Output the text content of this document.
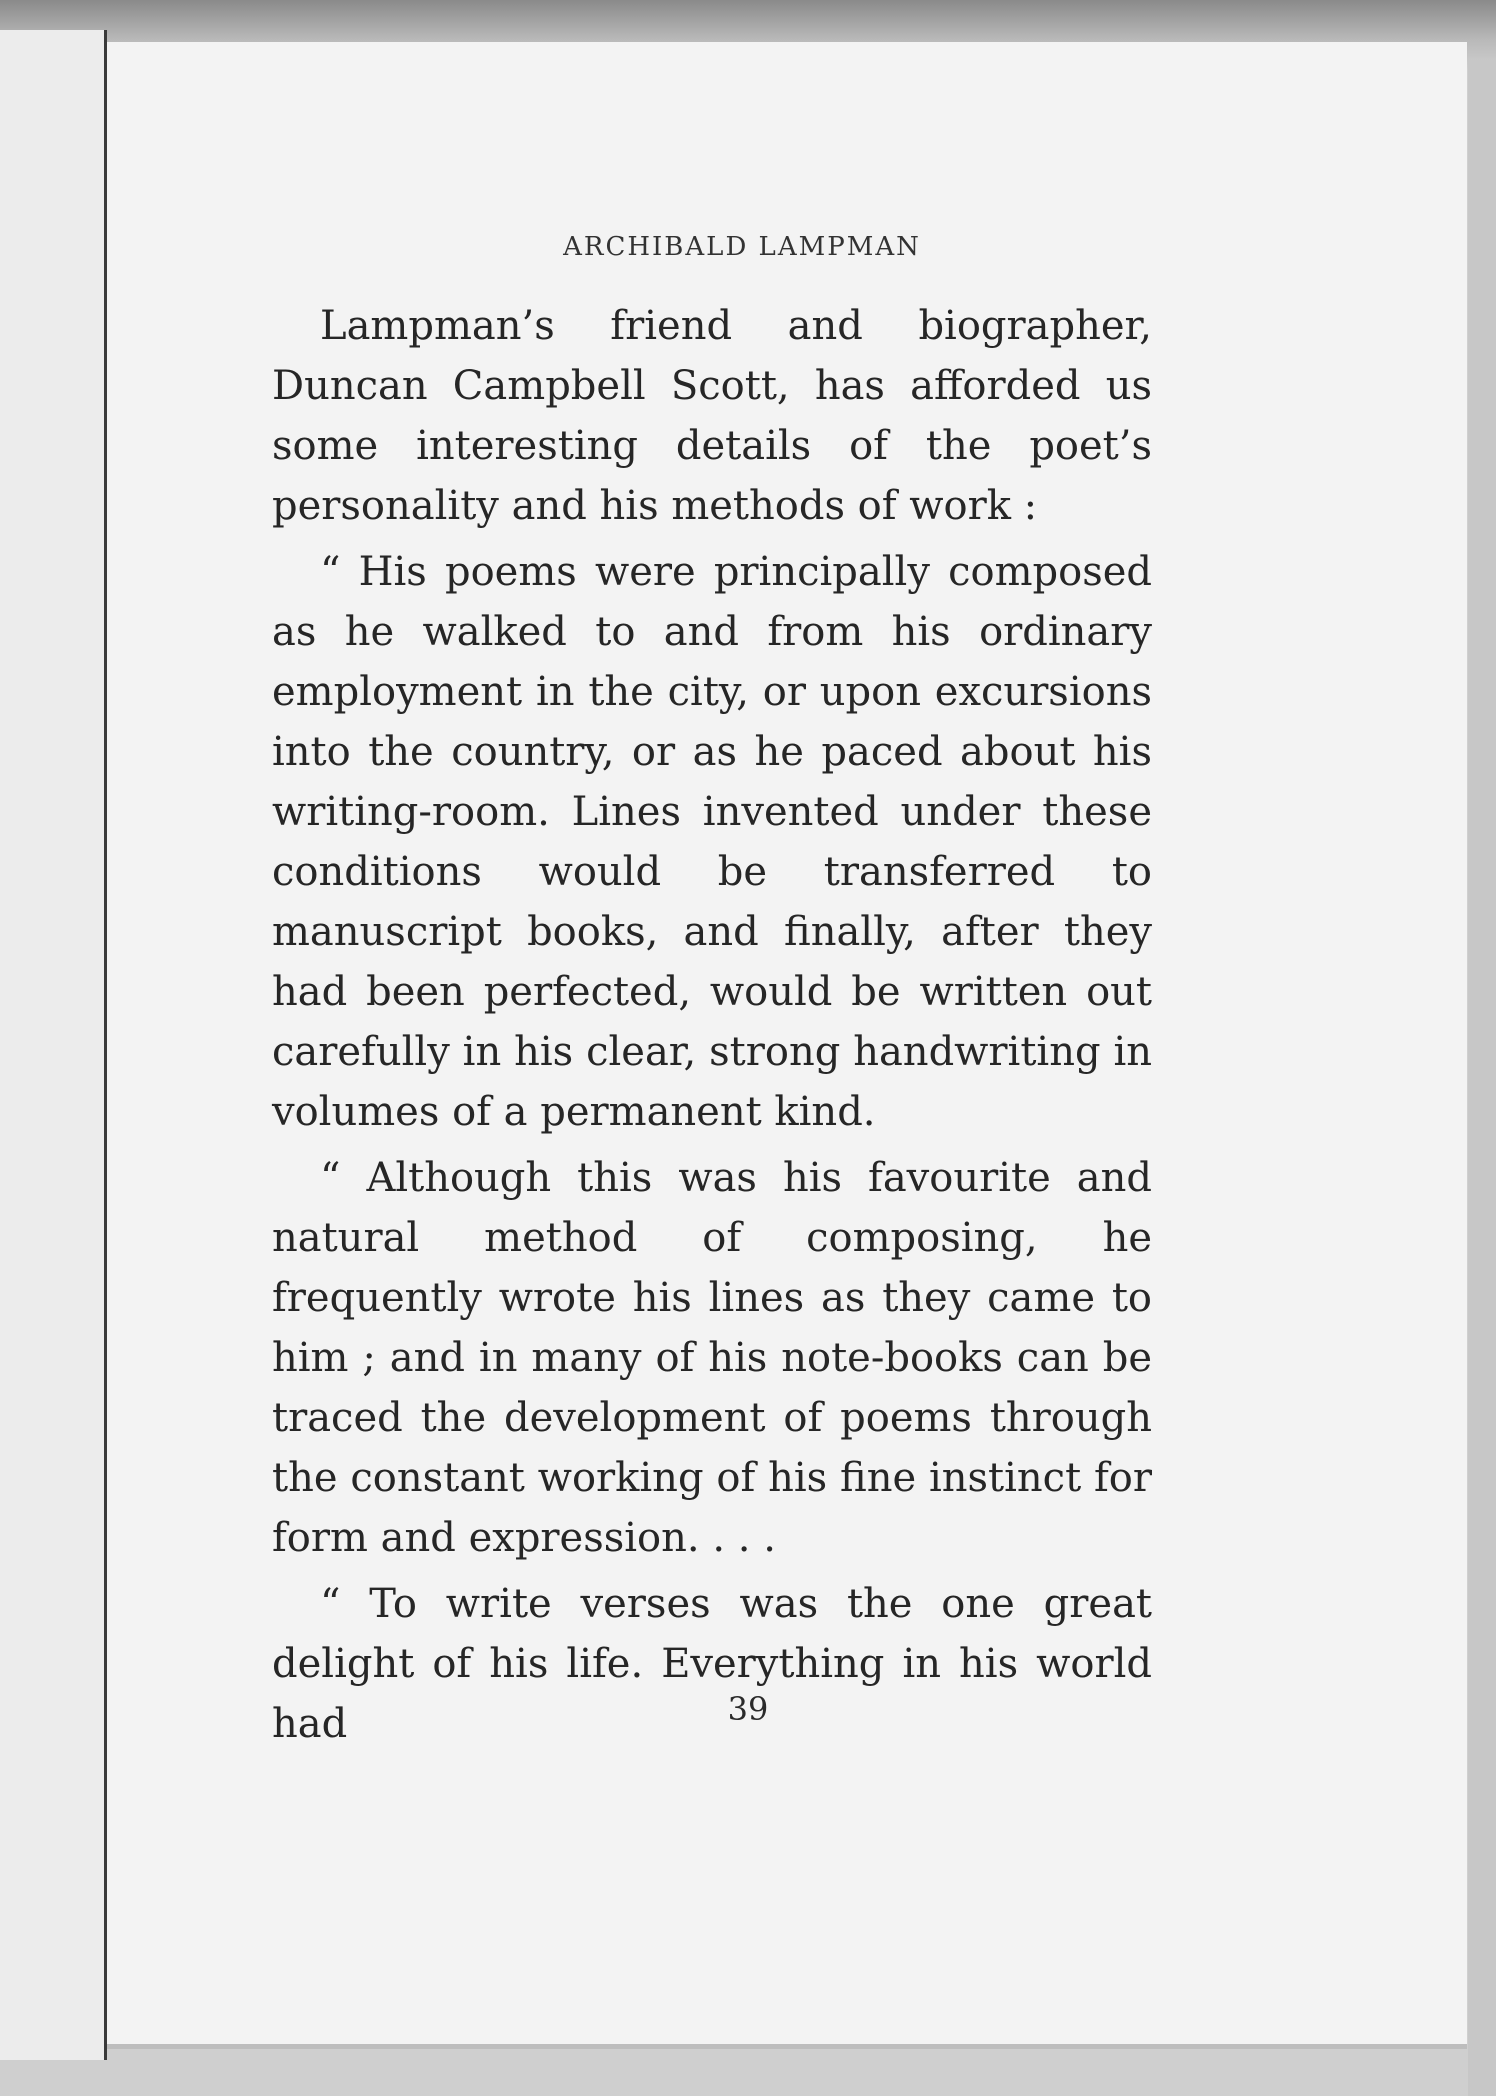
ARCHIBALD LAMPMAN

Lampman’s friend and biographer, Duncan Campbell Scott, has afforded us some interesting details of the poet’s personality and his methods of work :

“ His poems were principally composed as he walked to and from his ordinary employment in the city, or upon excursions into the country, or as he paced about his writing-room. Lines invented under these conditions would be transferred to manuscript books, and finally, after they had been perfected, would be written out carefully in his clear, strong handwriting in volumes of a permanent kind.

“ Although this was his favourite and natural method of composing, he frequently wrote his lines as they came to him ; and in many of his note-books can be traced the development of poems through the constant working of his fine instinct for form and expression. . . .

“ To write verses was the one great delight of his life. Everything in his world had	39
